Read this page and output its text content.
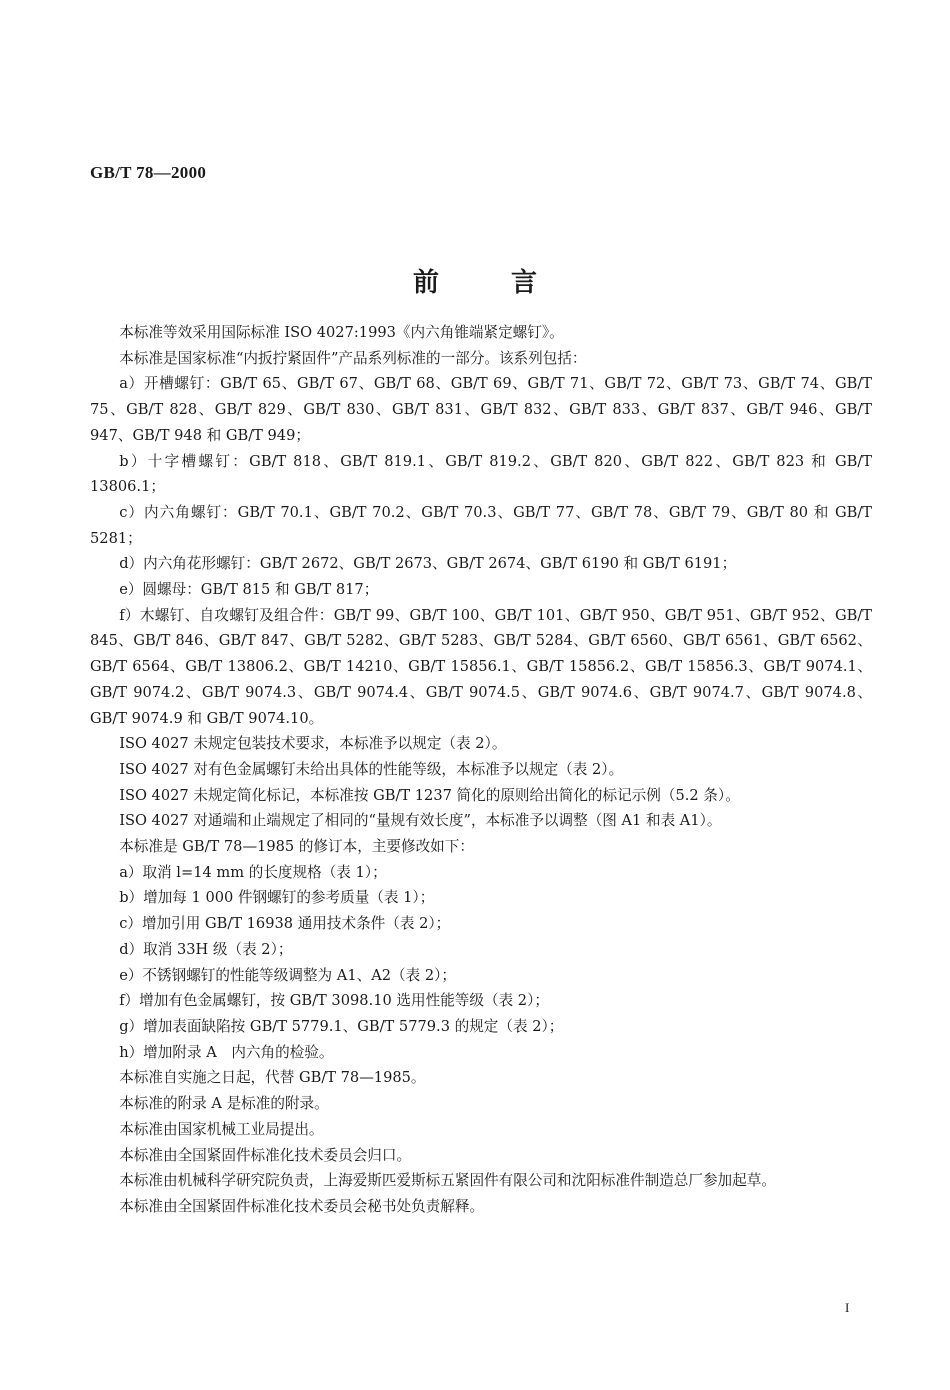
GB/T 78—2000
前	言

本标准等效采用国际标准 ISO 4027:1993《内六角锥端紧定螺钉》。

本标准是国家标准“内扳拧紧固件”产品系列标准的一部分。该系列包括：

a）开槽螺钉：GB/T 65、GB/T 67、GB/T 68、GB/T 69、GB/T 71、GB/T 72、GB/T 73、GB/T 74、GB/T 75、GB/T 828、GB/T 829、GB/T 830、GB/T 831、GB/T 832、GB/T 833、GB/T 837、GB/T 946、GB/T 947、GB/T 948 和 GB/T 949；

b）十字槽螺钉：GB/T 818、GB/T 819.1、GB/T 819.2、GB/T 820、GB/T 822、GB/T 823 和 GB/T 13806.1；

c）内六角螺钉：GB/T 70.1、GB/T 70.2、GB/T 70.3、GB/T 77、GB/T 78、GB/T 79、GB/T 80 和 GB/T 5281；

d）内六角花形螺钉：GB/T 2672、GB/T 2673、GB/T 2674、GB/T 6190 和 GB/T 6191；

e）圆螺母：GB/T 815 和 GB/T 817；

f）木螺钉、自攻螺钉及组合件：GB/T 99、GB/T 100、GB/T 101、GB/T 950、GB/T 951、GB/T 952、GB/T 845、GB/T 846、GB/T 847、GB/T 5282、GB/T 5283、GB/T 5284、GB/T 6560、GB/T 6561、GB/T 6562、GB/T 6564、GB/T 13806.2、GB/T 14210、GB/T 15856.1、GB/T 15856.2、GB/T 15856.3、GB/T 9074.1、GB/T 9074.2、GB/T 9074.3、GB/T 9074.4、GB/T 9074.5、GB/T 9074.6、GB/T 9074.7、GB/T 9074.8、GB/T 9074.9 和 GB/T 9074.10。

ISO 4027 未规定包装技术要求，本标准予以规定（表 2）。

ISO 4027 对有色金属螺钉未给出具体的性能等级，本标准予以规定（表 2）。

ISO 4027 未规定简化标记，本标准按 GB/T 1237 简化的原则给出简化的标记示例（5.2 条）。

ISO 4027 对通端和止端规定了相同的“量规有效长度”，本标准予以调整（图 A1 和表 A1）。

本标准是 GB/T 78—1985 的修订本，主要修改如下：

a）取消 l=14 mm 的长度规格（表 1）；

b）增加每 1 000 件钢螺钉的参考质量（表 1）；

c）增加引用 GB/T 16938 通用技术条件（表 2）；

d）取消 33H 级（表 2）；

e）不锈钢螺钉的性能等级调整为 A1、A2（表 2）；

f）增加有色金属螺钉，按 GB/T 3098.10 选用性能等级（表 2）；

g）增加表面缺陷按 GB/T 5779.1、GB/T 5779.3 的规定（表 2）；

h）增加附录 A　内六角的检验。

本标准自实施之日起，代替 GB/T 78—1985。

本标准的附录 A 是标准的附录。

本标准由国家机械工业局提出。

本标准由全国紧固件标准化技术委员会归口。

本标准由机械科学研究院负责，上海爱斯匹爱斯标五紧固件有限公司和沈阳标准件制造总厂参加起草。

本标准由全国紧固件标准化技术委员会秘书处负责解释。

I
